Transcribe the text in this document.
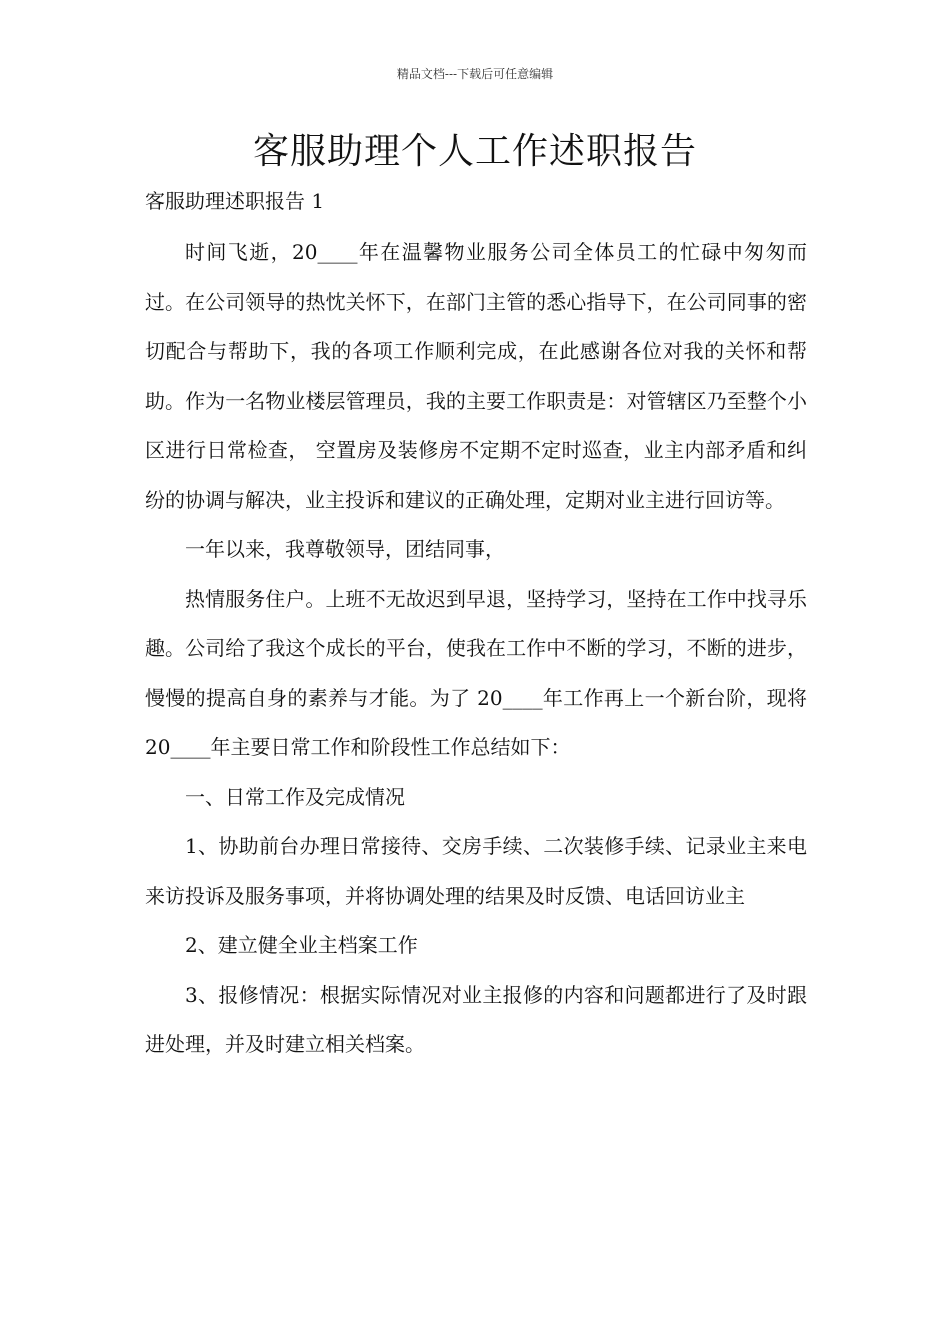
精品文档---下载后可任意编辑
客服助理个人工作述职报告
客服助理述职报告 1

时间飞逝，20____年在温馨物业服务公司全体员工的忙碌中匆匆而过。在公司领导的热忱关怀下，在部门主管的悉心指导下，在公司同事的密切配合与帮助下，我的各项工作顺利完成，在此感谢各位对我的关怀和帮助。作为一名物业楼层管理员，我的主要工作职责是：对管辖区乃至整个小区进行日常检查， 空置房及装修房不定期不定时巡查，业主内部矛盾和纠纷的协调与解决，业主投诉和建议的正确处理，定期对业主进行回访等。

一年以来，我尊敬领导，团结同事，

热情服务住户。上班不无故迟到早退，坚持学习，坚持在工作中找寻乐趣。公司给了我这个成长的平台，使我在工作中不断的学习，不断的进步，慢慢的提高自身的素养与才能。为了 20____年工作再上一个新台阶，现将 20____年主要日常工作和阶段性工作总结如下：

一、日常工作及完成情况

1、协助前台办理日常接待、交房手续、二次装修手续、记录业主来电来访投诉及服务事项，并将协调处理的结果及时反馈、电话回访业主

2、建立健全业主档案工作

3、报修情况：根据实际情况对业主报修的内容和问题都进行了及时跟进处理，并及时建立相关档案。
